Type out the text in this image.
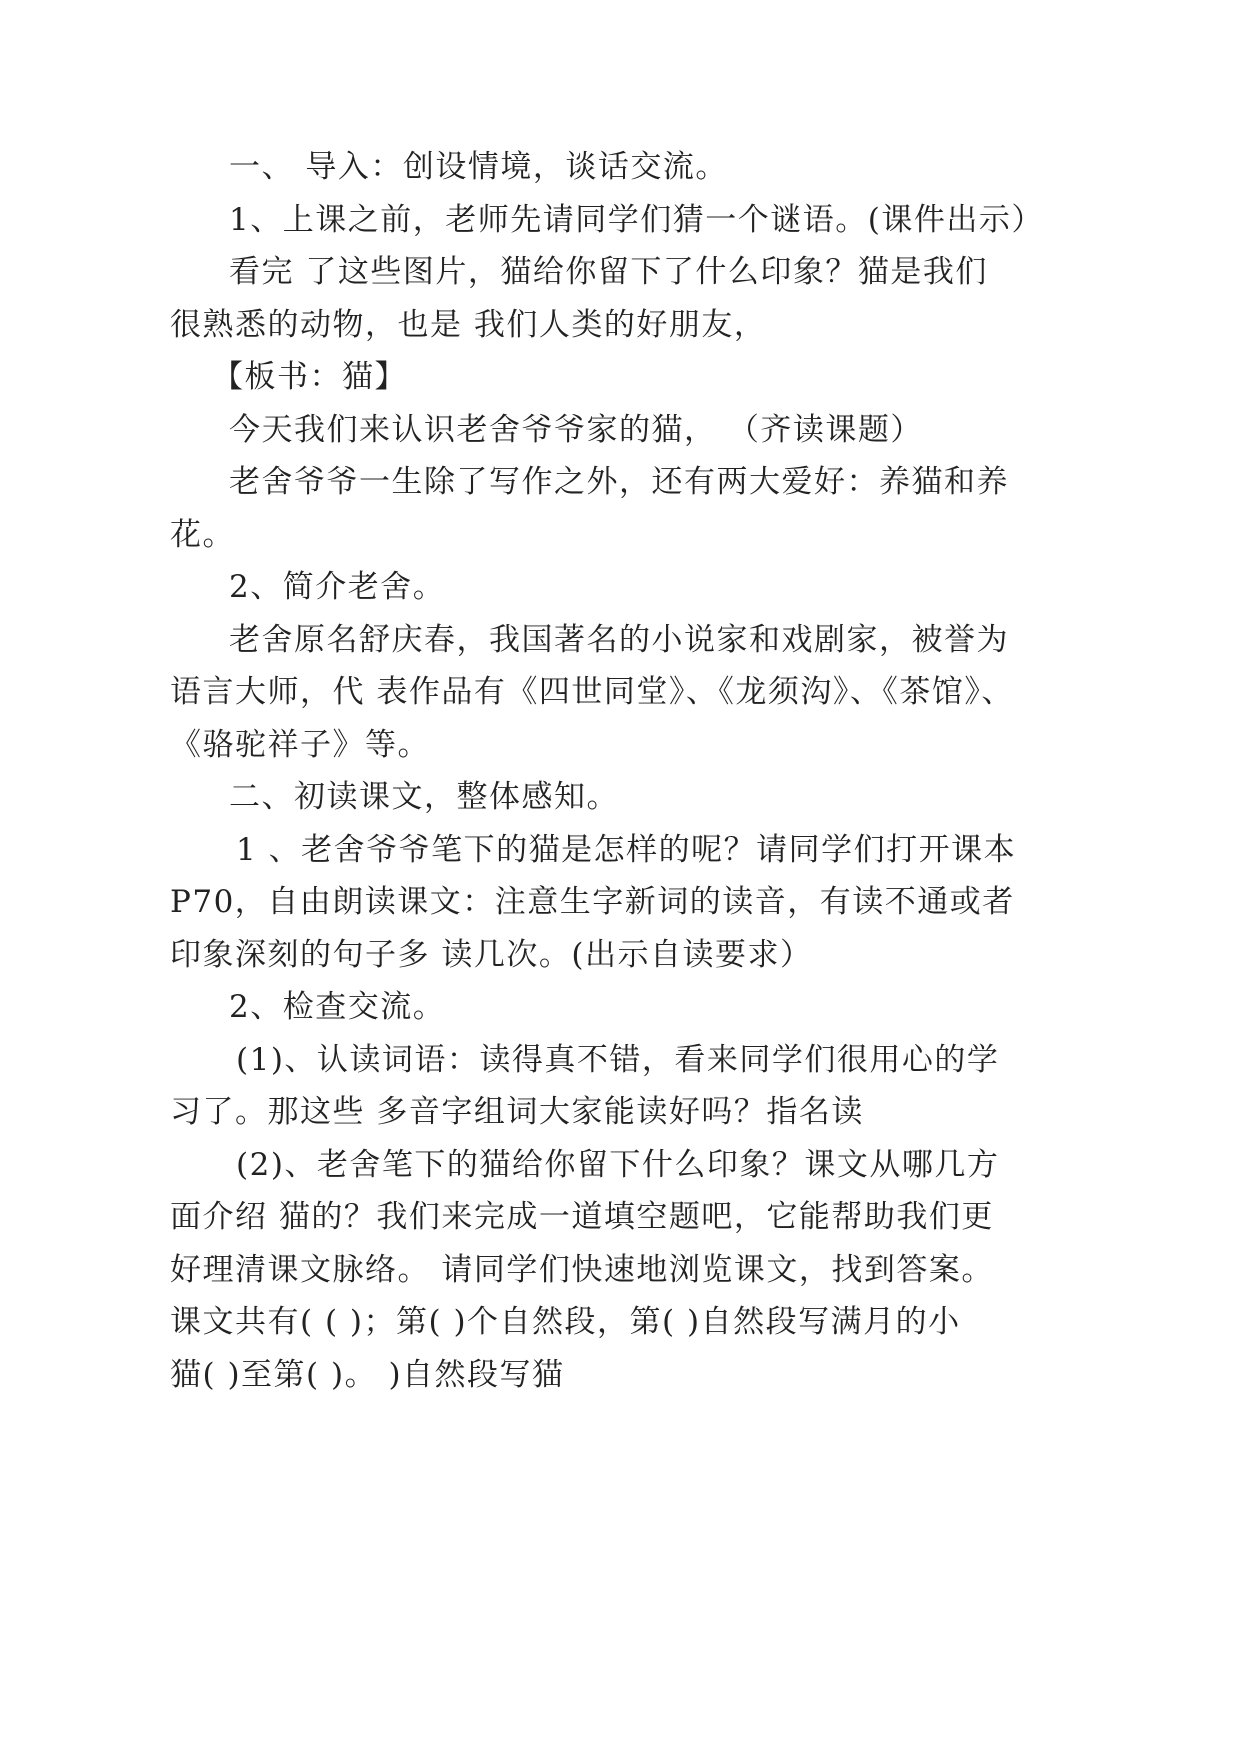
一、 导入：创设情境，谈话交流。
1、上课之前，老师先请同学们猜一个谜语。(课件出示）
看完 了这些图片，猫给你留下了什么印象？猫是我们
很熟悉的动物，也是 我们人类的好朋友，
【板书：猫】
今天我们来认识老舍爷爷家的猫， （齐读课题）
老舍爷爷一生除了写作之外，还有两大爱好：养猫和养
花。
2、简介老舍。
老舍原名舒庆春，我国著名的小说家和戏剧家，被誉为
语言大师，代 表作品有《四世同堂》、《龙须沟》、《茶馆》、
《骆驼祥子》等。
二、初读课文，整体感知。
1 、老舍爷爷笔下的猫是怎样的呢？请同学们打开课本
P70，自由朗读课文：注意生字新词的读音，有读不通或者
印象深刻的句子多 读几次。(出示自读要求）
2、检查交流。
(1)、认读词语：读得真不错，看来同学们很用心的学
习了。那这些 多音字组词大家能读好吗？指名读
(2)、老舍笔下的猫给你留下什么印象？课文从哪几方
面介绍 猫的？我们来完成一道填空题吧，它能帮助我们更
好理清课文脉络。 请同学们快速地浏览课文，找到答案。
课文共有( ( )；第( )个自然段，第( )自然段写满月的小
猫( )至第( )。 )自然段写猫
